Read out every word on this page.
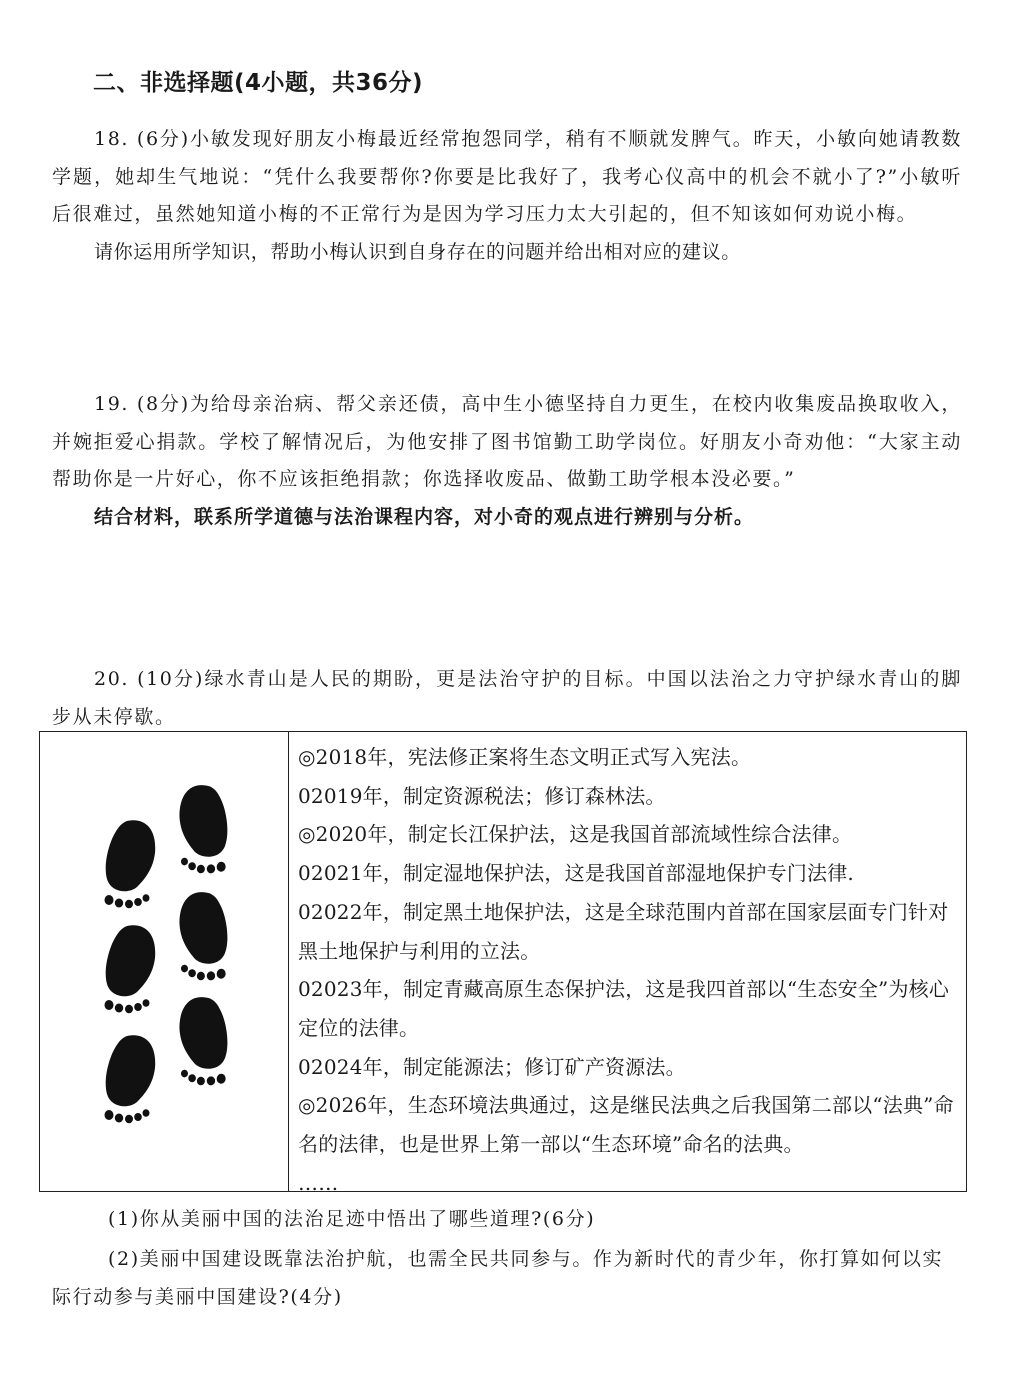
二、非选择题(4小题，共36分)

18. (6分)小敏发现好朋友小梅最近经常抱怨同学，稍有不顺就发脾气。昨天，小敏向她请教数学题，她却生气地说：“凭什么我要帮你?你要是比我好了，我考心仪高中的机会不就小了?”小敏听后很难过，虽然她知道小梅的不正常行为是因为学习压力太大引起的，但不知该如何劝说小梅。

请你运用所学知识，帮助小梅认识到自身存在的问题并给出相对应的建议。

19. (8分)为给母亲治病、帮父亲还债，高中生小德坚持自力更生，在校内收集废品换取收入，并婉拒爱心捐款。学校了解情况后，为他安排了图书馆勤工助学岗位。好朋友小奇劝他：“大家主动帮助你是一片好心，你不应该拒绝捐款；你选择收废品、做勤工助学根本没必要。”

结合材料，联系所学道德与法治课程内容，对小奇的观点进行辨别与分析。

20. (10分)绿水青山是人民的期盼，更是法治守护的目标。中国以法治之力守护绿水青山的脚步从未停歇。

◎2018年，宪法修正案将生态文明正式写入宪法。

02019年，制定资源税法；修订森林法。

◎2020年，制定长江保护法，这是我国首部流域性综合法律。

02021年，制定湿地保护法，这是我国首部湿地保护专门法律.

02022年，制定黑土地保护法，这是全球范围内首部在国家层面专门针对黑土地保护与利用的立法。

02023年，制定青藏高原生态保护法，这是我四首部以“生态安全”为核心定位的法律。

02024年，制定能源法；修订矿产资源法。

◎2026年，生态环境法典通过，这是继民法典之后我国第二部以“法典”命名的法律，也是世界上第一部以“生态环境”命名的法典。

……

(1)你从美丽中国的法治足迹中悟出了哪些道理?(6分)

(2)美丽中国建设既靠法治护航，也需全民共同参与。作为新时代的青少年，你打算如何以实际行动参与美丽中国建设?(4分)
